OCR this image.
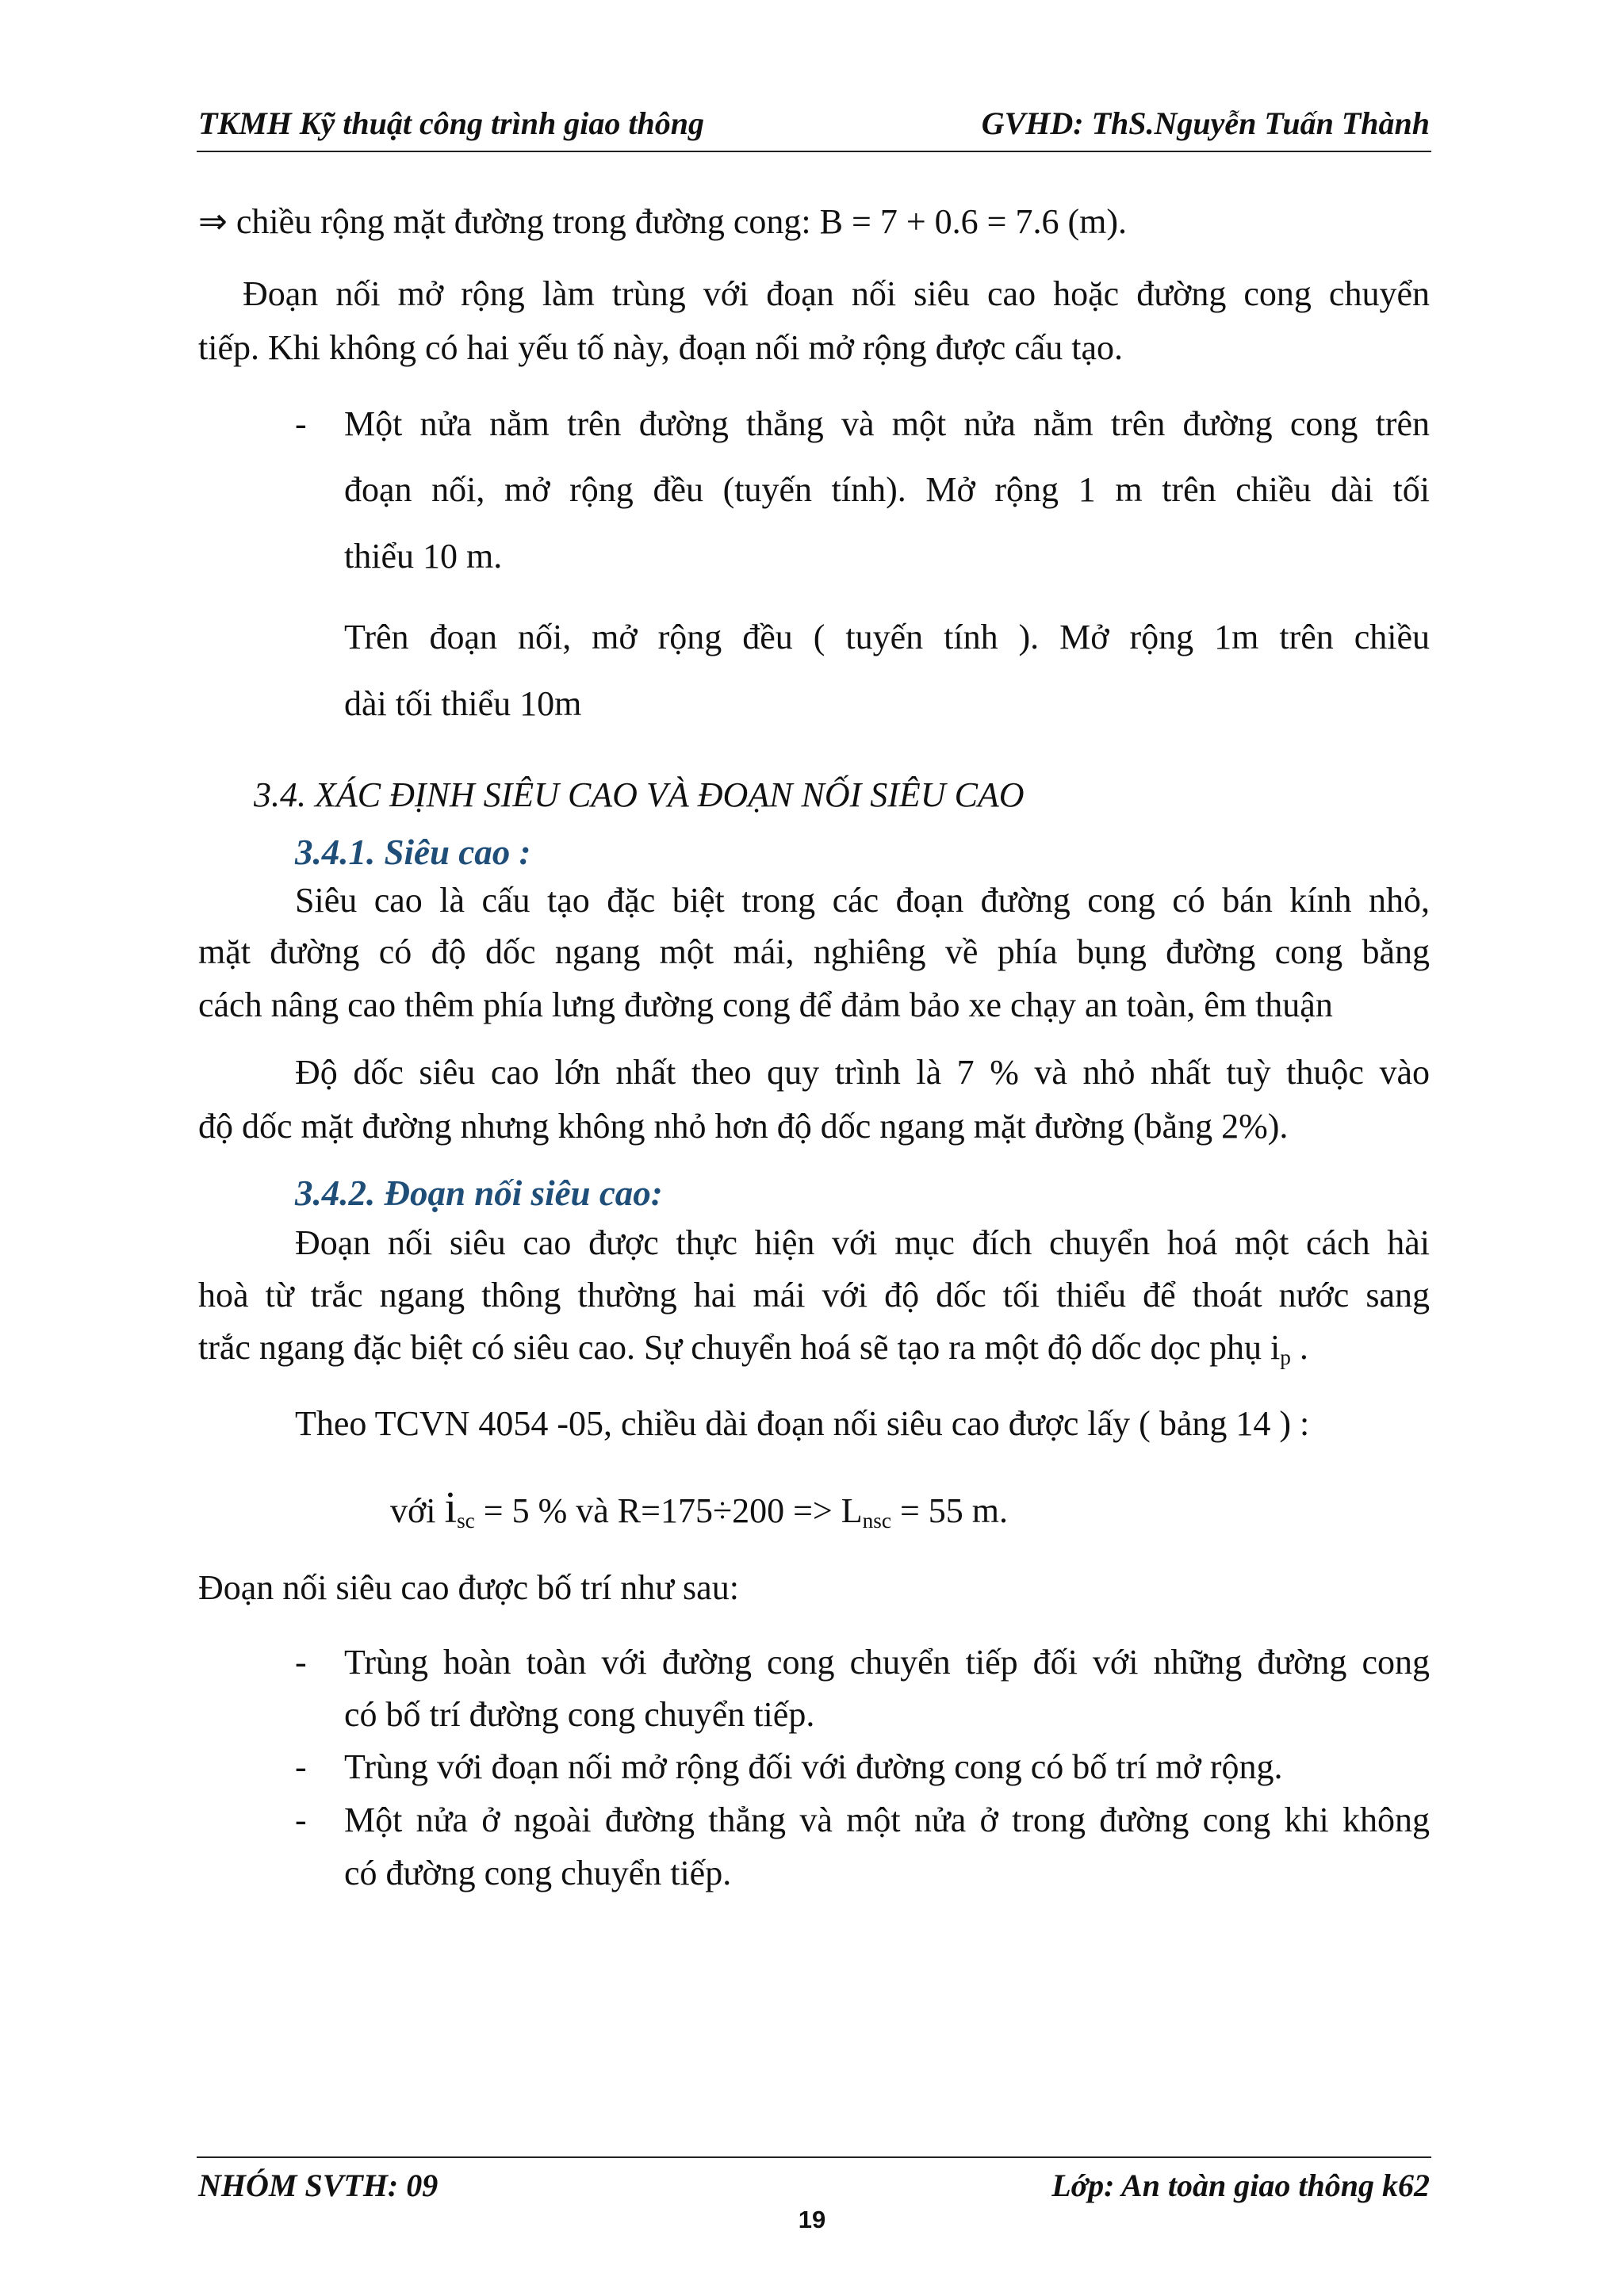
TKMH Kỹ thuật công trình giao thông	GVHD: ThS.Nguyễn Tuấn Thành
⇒ chiều rộng mặt đường trong đường cong: B = 7 + 0.6 = 7.6 (m).
Đoạn nối mở rộng làm trùng với đoạn nối siêu cao hoặc đường cong chuyển
tiếp. Khi không có hai yếu tố này, đoạn nối mở rộng được cấu tạo.
- Một nửa nằm trên đường thẳng và một nửa nằm trên đường cong trên
đoạn nối, mở rộng đều (tuyến tính). Mở rộng 1 m trên chiều dài tối
thiểu 10 m.
Trên đoạn nối, mở rộng đều ( tuyến tính ). Mở rộng 1m trên chiều
dài tối thiểu 10m
3.4. XÁC ĐỊNH SIÊU CAO VÀ ĐOẠN NỐI SIÊU CAO
3.4.1. Siêu cao :
Siêu cao là cấu tạo đặc biệt trong các đoạn đường cong có bán kính nhỏ,
mặt đường có độ dốc ngang một mái, nghiêng về phía bụng đường cong bằng
cách nâng cao thêm phía lưng đường cong để đảm bảo xe chạy an toàn, êm thuận
Độ dốc siêu cao lớn nhất theo quy trình là 7 % và nhỏ nhất tuỳ thuộc vào
độ dốc mặt đường nhưng không nhỏ hơn độ dốc ngang mặt đường (bằng 2%).
3.4.2. Đoạn nối siêu cao:
Đoạn nối siêu cao được thực hiện với mục đích chuyển hoá một cách hài
hoà từ trắc ngang thông thường hai mái với độ dốc tối thiểu để thoát nước sang
trắc ngang đặc biệt có siêu cao. Sự chuyển hoá sẽ tạo ra một độ dốc dọc phụ $i_p$ .
Theo TCVN 4054 -05, chiều dài đoạn nối siêu cao được lấy ( bảng 14 ) :
với $i_{sc} = 5$ % và $R=175\div 200 => L_{nsc} = 55$ m.
Đoạn nối siêu cao được bố trí như sau:
- Trùng hoàn toàn với đường cong chuyển tiếp đối với những đường cong
có bố trí đường cong chuyển tiếp.
- Trùng với đoạn nối mở rộng đối với đường cong có bố trí mở rộng.
- Một nửa ở ngoài đường thẳng và một nửa ở trong đường cong khi không
có đường cong chuyển tiếp.
NHÓM SVTH: 09	Lớp: An toàn giao thông k62
19
